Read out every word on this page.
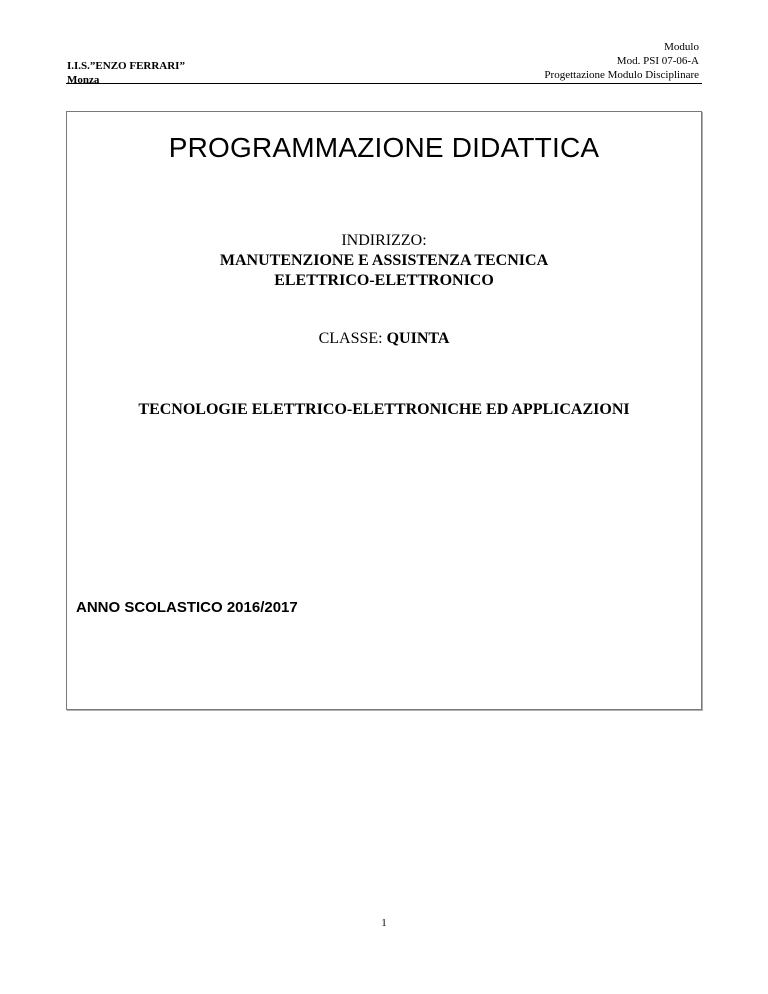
I.I.S.”ENZO FERRARI”
Monza
Modulo
Mod. PSI 07-06-A
Progettazione Modulo Disciplinare
PROGRAMMAZIONE DIDATTICA
INDIRIZZO:
MANUTENZIONE E ASSISTENZA TECNICA
ELETTRICO-ELETTRONICO
CLASSE: QUINTA
TECNOLOGIE ELETTRICO-ELETTRONICHE ED APPLICAZIONI
ANNO SCOLASTICO 2016/2017
1
